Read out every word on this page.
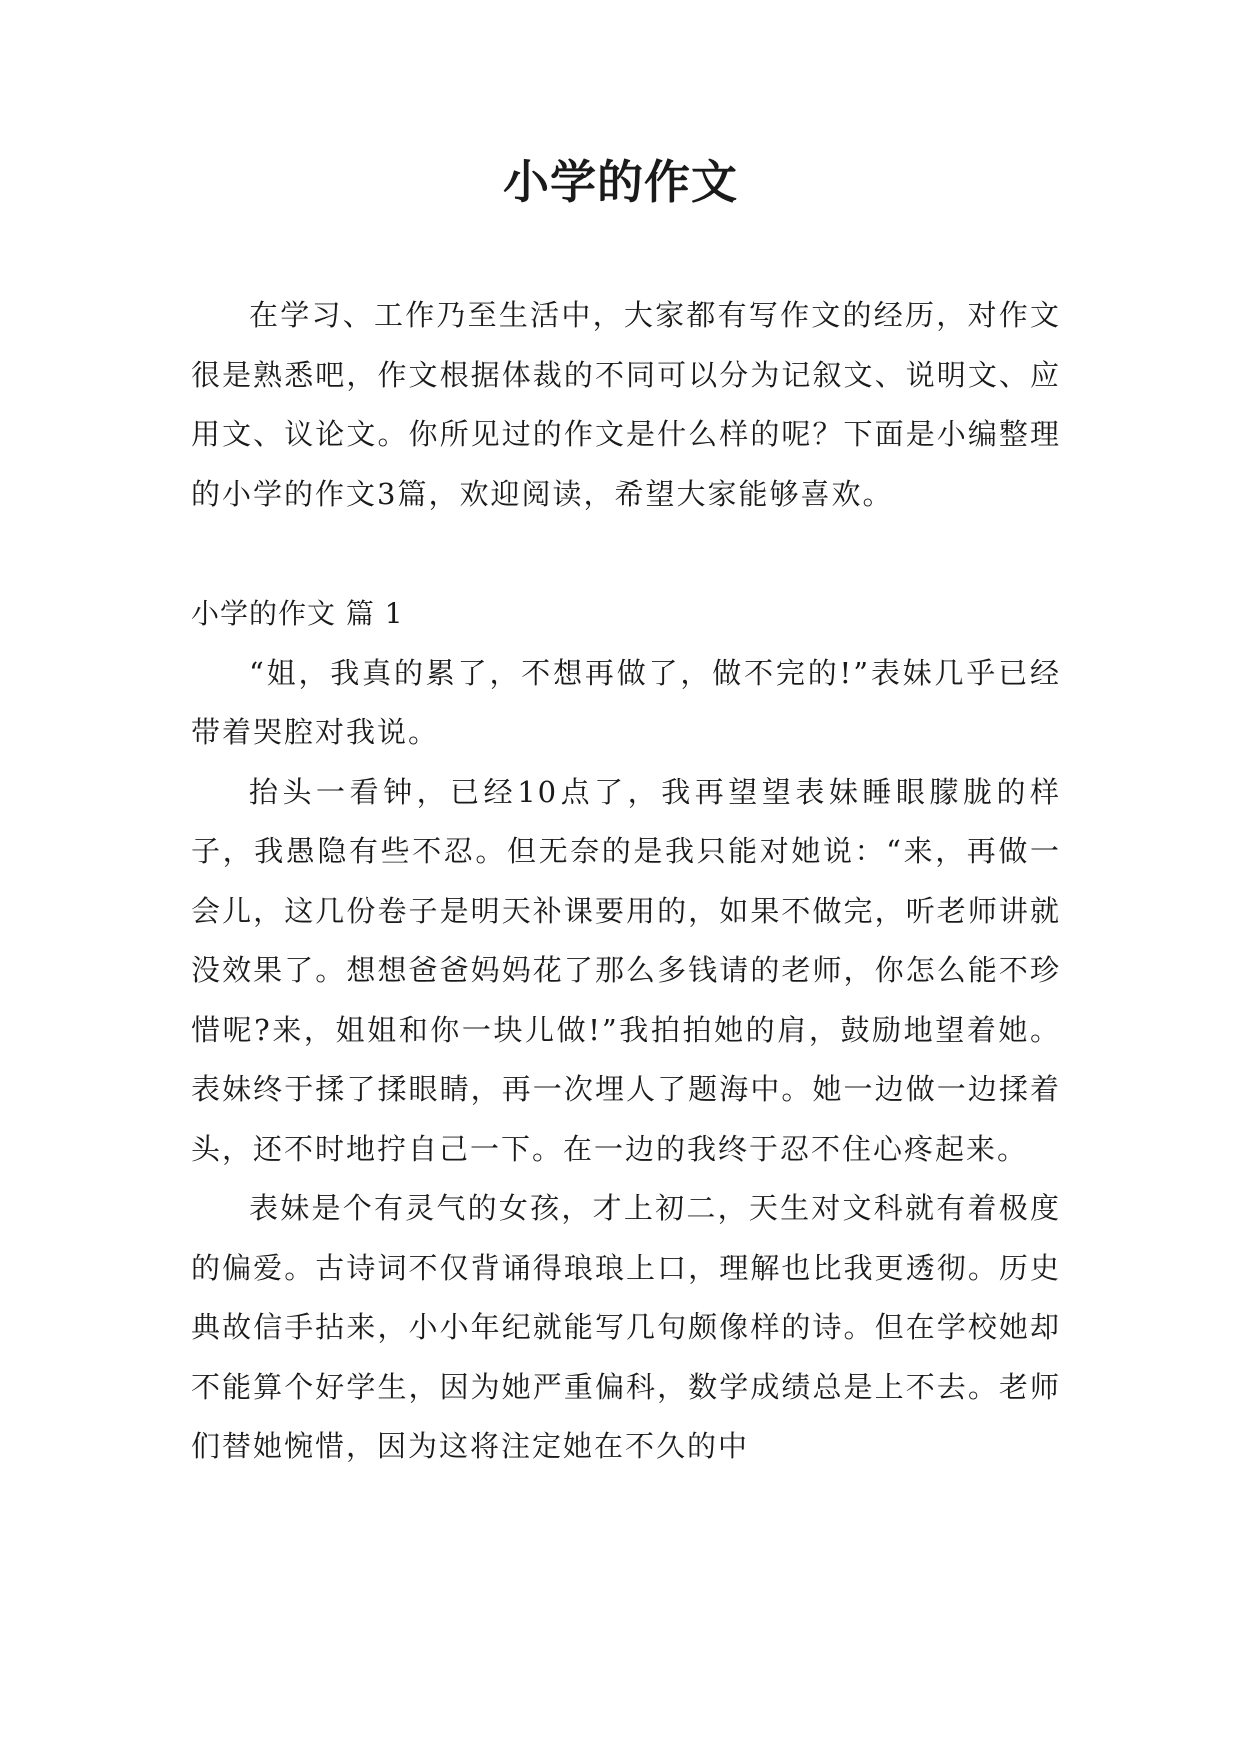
小学的作文

在学习、工作乃至生活中，大家都有写作文的经历，对作文很是熟悉吧，作文根据体裁的不同可以分为记叙文、说明文、应用文、议论文。你所见过的作文是什么样的呢？下面是小编整理的小学的作文3篇，欢迎阅读，希望大家能够喜欢。

小学的作文 篇 1

“姐，我真的累了，不想再做了，做不完的!”表妹几乎已经带着哭腔对我说。

抬头一看钟，已经10点了，我再望望表妹睡眼朦胧的样子，我愚隐有些不忍。但无奈的是我只能对她说：“来，再做一会儿，这几份卷子是明天补课要用的，如果不做完，听老师讲就没效果了。想想爸爸妈妈花了那么多钱请的老师，你怎么能不珍惜呢?来，姐姐和你一块儿做!”我拍拍她的肩，鼓励地望着她。表妹终于揉了揉眼睛，再一次埋人了题海中。她一边做一边揉着头，还不时地拧自己一下。在一边的我终于忍不住心疼起来。

表妹是个有灵气的女孩，才上初二，天生对文科就有着极度的偏爱。古诗词不仅背诵得琅琅上口，理解也比我更透彻。历史典故信手拈来，小小年纪就能写几句颇像样的诗。但在学校她却不能算个好学生，因为她严重偏科，数学成绩总是上不去。老师们替她惋惜，因为这将注定她在不久的中
